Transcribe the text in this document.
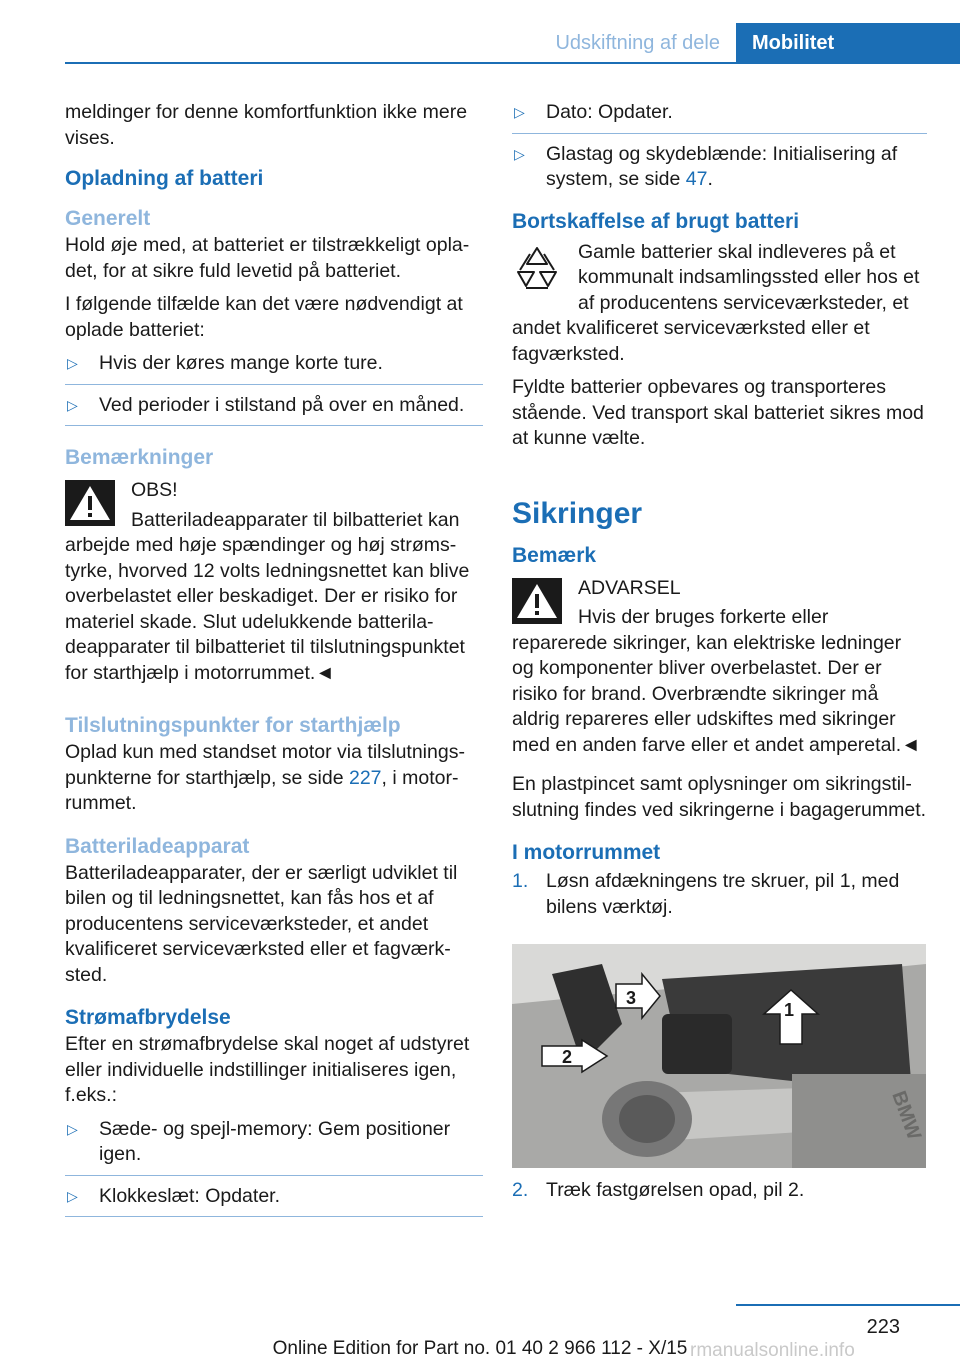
Udskiftning af dele	Mobilitet

meldinger for denne komfortfunktion ikke mere vises.

Opladning af batteri
Generelt

Hold øje med, at batteriet er tilstrækkeligt opladet, for at sikre fuld levetid på batteriet.

I følgende tilfælde kan det være nødvendigt at oplade batteriet:

▷ Hvis der køres mange korte ture.
▷ Ved perioder i stilstand på over en måned.
Bemærkninger

OBS!

Batteriladeapparater til bilbatteriet kan arbejde med høje spændinger og høj strømstyrke, hvorved 12 volts ledningsnettet kan blive overbelastet eller beskadiget. Der er risiko for materiel skade. Slut udelukkende batteriladeapparater til bilbatteriet til tilslutningspunktet for starthjælp i motorrummet.◄

Tilslutningspunkter for starthjælp

Oplad kun med standset motor via tilslutningspunkterne for starthjælp, se side 227, i motorrummet.

Batteriladeapparat

Batteriladeapparater, der er særligt udviklet til bilen og til ledningsnettet, kan fås hos et af producentens serviceværksteder, et andet kvalificeret serviceværksted eller et fagværksted.

Strømafbrydelse

Efter en strømafbrydelse skal noget af udstyret eller individuelle indstillinger initialiseres igen, f.eks.:

▷ Sæde- og spejl-memory: Gem positioner igen.
▷ Klokkeslæt: Opdater.
▷ Dato: Opdater.
▷ Glastag og skydeblænde: Initialisering af system, se side 47.
Bortskaffelse af brugt batteri

Gamle batterier skal indleveres på et kommunalt indsamlingssted eller hos et af producentens serviceværksteder, et andet kvalificeret serviceværksted eller et fagværksted.

Fyldte batterier opbevares og transporteres stående. Ved transport skal batteriet sikres mod at kunne vælte.

Sikringer
Bemærk

ADVARSEL

Hvis der bruges forkerte eller reparerede sikringer, kan elektriske ledninger og komponenter bliver overbelastet. Der er risiko for brand. Overbrændte sikringer må aldrig repareres eller udskiftes med sikringer med en anden farve eller et andet amperetal.◄

En plastpincet samt oplysninger om sikringstilslutning findes ved sikringerne i bagagerummet.

I motorrummet
1. Løsn afdækningens tre skruer, pil 1, med bilens værktøj.
2
3
1
BMW
2. Træk fastgørelsen opad, pil 2.
223
Online Edition for Part no. 01 40 2 966 112 - X/15 rmanualsonline.info
